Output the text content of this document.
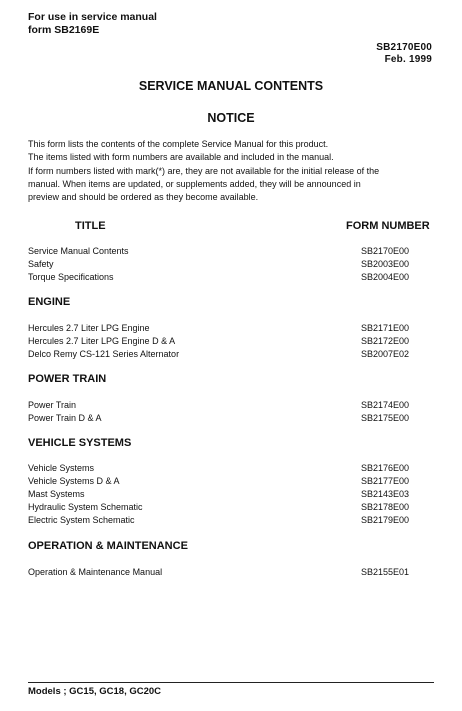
For use in service manual
form SB2169E
SB2170E00
Feb. 1999
SERVICE MANUAL CONTENTS
NOTICE
This form lists the contents of the complete Service Manual for this product.
The items listed with form numbers are available and included in the manual.
If form numbers listed with mark(*) are, they are not available for the initial release of the
manual. When items are updated, or supplements added, they will be announced in
preview and should be ordered as they become available.
TITLE	FORM NUMBER
Service Manual Contents	SB2170E00
Safety	SB2003E00
Torque Specifications	SB2004E00
ENGINE
Hercules 2.7 Liter LPG Engine	SB2171E00
Hercules 2.7 Liter LPG Engine D & A	SB2172E00
Delco Remy CS-121 Series Alternator	SB2007E02
POWER TRAIN
Power Train	SB2174E00
Power Train D & A	SB2175E00
VEHICLE SYSTEMS
Vehicle Systems	SB2176E00
Vehicle Systems D & A	SB2177E00
Mast Systems	SB2143E03
Hydraulic System Schematic	SB2178E00
Electric System Schematic	SB2179E00
OPERATION & MAINTENANCE
Operation & Maintenance Manual	SB2155E01
Models ; GC15, GC18, GC20C
